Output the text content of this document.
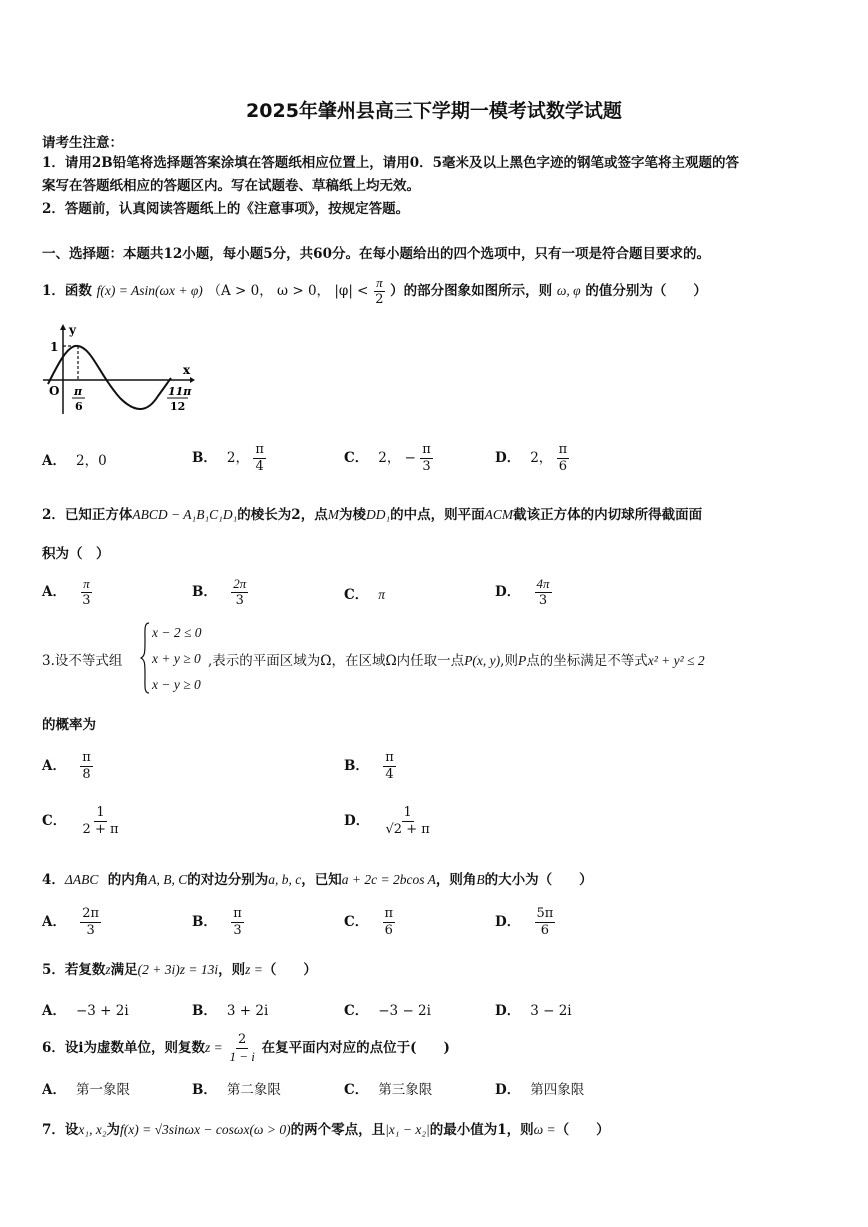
2025年肇州县高三下学期一模考试数学试题
请考生注意：
1．请用2B铅笔将选择题答案涂填在答题纸相应位置上，请用0．5毫米及以上黑色字迹的钢笔或签字笔将主观题的答
案写在答题纸相应的答题区内。写在试题卷、草稿纸上均无效。
2．答题前，认真阅读答题纸上的《注意事项》，按规定答题。
一、选择题：本题共12小题，每小题5分，共60分。在每小题给出的四个选项中，只有一项是符合题目要求的。
1．函数 f(x) = Asin(ωx + φ) （A > 0， ω > 0， $|\varphi| < \frac{\pi}{2}$ ）的部分图象如图所示，则 ω, φ 的值分别为（　　）
y
x
O
1
π
6
11π
12
A． 2，0	B． 2， $\frac{\pi}{4}$	C． 2， − $\frac{\pi}{3}$	D． 2， $\frac{\pi}{6}$
2．已知正方体ABCD − A₁B₁C₁D₁的棱长为2，点M为棱DD₁的中点，则平面ACM截该正方体的内切球所得截面面
积为（　）
A． $\frac{\pi}{3}$	B． $\frac{2\pi}{3}$	C． π	D． $\frac{4\pi}{3}$
3.设不等式组
x − 2 ≤ 0
x + y ≥ 0
x − y ≥ 0
,表示的平面区域为Ω，在区域Ω内任取一点P(x, y),则P点的坐标满足不等式x² + y² ≤ 2
的概率为
A． $\frac{\pi}{8}$	B． $\frac{\pi}{4}$
C． $\frac{1}{2 + \pi}$	D． $\frac{1}{√2 + \pi}$
4．ΔABC 的内角A, B, C的对边分别为a, b, c，已知a + 2c = 2bcos A，则角B的大小为（　　）
A． $\frac{2\pi}{3}$	B． $\frac{\pi}{3}$	C． $\frac{\pi}{6}$	D． $\frac{5\pi}{6}$
5．若复数z满足(2 + 3i)z = 13i，则z =（　　）
A． −3 + 2i	B． 3 + 2i	C． −3 − 2i	D． 3 − 2i
6．设i为虚数单位，则复数$z = \frac{2}{1 - i}$ 在复平面内对应的点位于(　　)
A． 第一象限	B． 第二象限	C． 第三象限	D． 第四象限
7．设x₁, x₂为f(x) = √3sinωx − cosωx(ω > 0)的两个零点，且|x₁ − x₂|的最小值为1，则ω =（　　）
